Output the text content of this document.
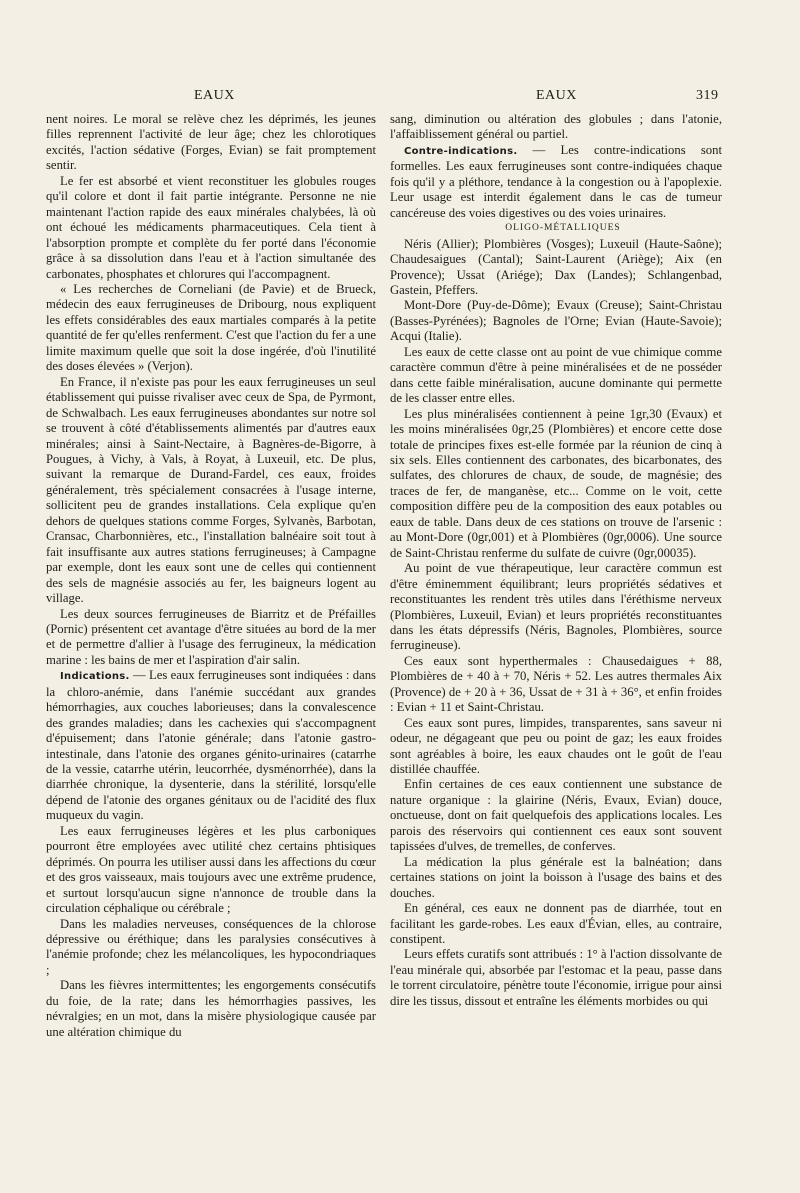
EAUX	EAUX	319

nent noires. Le moral se relève chez les déprimés, les jeunes filles reprennent l'activité de leur âge; chez les chlorotiques excités, l'action sédative (Forges, Evian) se fait promptement sentir.

Le fer est absorbé et vient reconstituer les globules rouges qu'il colore et dont il fait partie intégrante. Personne ne nie maintenant l'action rapide des eaux minérales chalybées, là où ont échoué les médicaments pharmaceutiques. Cela tient à l'absorption prompte et complète du fer porté dans l'économie grâce à sa dissolution dans l'eau et à l'action simultanée des carbonates, phosphates et chlorures qui l'accompagnent.

« Les recherches de Corneliani (de Pavie) et de Brueck, médecin des eaux ferrugineuses de Dribourg, nous expliquent les effets considérables des eaux martiales comparés à la petite quantité de fer qu'elles renferment. C'est que l'action du fer a une limite maximum quelle que soit la dose ingérée, d'où l'inutilité des doses élevées » (Verjon).

En France, il n'existe pas pour les eaux ferrugineuses un seul établissement qui puisse rivaliser avec ceux de Spa, de Pyrmont, de Schwalbach. Les eaux ferrugineuses abondantes sur notre sol se trouvent à côté d'établissements alimentés par d'autres eaux minérales; ainsi à Saint-Nectaire, à Bagnères-de-Bigorre, à Pougues, à Vichy, à Vals, à Royat, à Luxeuil, etc. De plus, suivant la remarque de Durand-Fardel, ces eaux, froides généralement, très spécialement consacrées à l'usage interne, sollicitent peu de grandes installations. Cela explique qu'en dehors de quelques stations comme Forges, Sylvanès, Barbotan, Cransac, Charbonnières, etc., l'installation balnéaire soit tout à fait insuffisante aux autres stations ferrugineuses; à Campagne par exemple, dont les eaux sont une de celles qui contiennent des sels de magnésie associés au fer, les baigneurs logent au village.

Les deux sources ferrugineuses de Biarritz et de Préfailles (Pornic) présentent cet avantage d'être situées au bord de la mer et de permettre d'allier à l'usage des ferrugineux, la médication marine : les bains de mer et l'aspiration d'air salin.

Indications. — Les eaux ferrugineuses sont indiquées : dans la chloro-anémie, dans l'anémie succédant aux grandes hémorrhagies, aux couches laborieuses; dans la convalescence des grandes maladies; dans les cachexies qui s'accompagnent d'épuisement; dans l'atonie générale; dans l'atonie gastro-intestinale, dans l'atonie des organes génito-urinaires (catarrhe de la vessie, catarrhe utérin, leucorrhée, dysménorrhée), dans la diarrhée chronique, la dysenterie, dans la stérilité, lorsqu'elle dépend de l'atonie des organes génitaux ou de l'acidité des flux muqueux du vagin.

Les eaux ferrugineuses légères et les plus carboniques pourront être employées avec utilité chez certains phtisiques déprimés. On pourra les utiliser aussi dans les affections du cœur et des gros vaisseaux, mais toujours avec une extrême prudence, et surtout lorsqu'aucun signe n'annonce de trouble dans la circulation céphalique ou cérébrale ;

Dans les maladies nerveuses, conséquences de la chlorose dépressive ou éréthique; dans les paralysies consécutives à l'anémie profonde; chez les mélancoliques, les hypocondriaques ;

Dans les fièvres intermittentes; les engorgements consécutifs du foie, de la rate; dans les hémorrhagies passives, les névralgies; en un mot, dans la misère physiologique causée par une altération chimique du

sang, diminution ou altération des globules ; dans l'atonie, l'affaiblissement général ou partiel.

Contre-indications. — Les contre-indications sont formelles. Les eaux ferrugineuses sont contre-indiquées chaque fois qu'il y a pléthore, tendance à la congestion ou à l'apoplexie. Leur usage est interdit également dans le cas de tumeur cancéreuse des voies digestives ou des voies urinaires.

OLIGO-MÉTALLIQUES

Néris (Allier); Plombières (Vosges); Luxeuil (Haute-Saône); Chaudesaigues (Cantal); Saint-Laurent (Ariège); Aix (en Provence); Ussat (Ariége); Dax (Landes); Schlangenbad, Gastein, Pfeffers.

Mont-Dore (Puy-de-Dôme); Evaux (Creuse); Saint-Christau (Basses-Pyrénées); Bagnoles de l'Orne; Evian (Haute-Savoie); Acqui (Italie).

Les eaux de cette classe ont au point de vue chimique comme caractère commun d'être à peine minéralisées et de ne posséder dans cette faible minéralisation, aucune dominante qui permette de les classer entre elles.

Les plus minéralisées contiennent à peine 1gr,30 (Evaux) et les moins minéralisées 0gr,25 (Plombières) et encore cette dose totale de principes fixes est-elle formée par la réunion de cinq à six sels. Elles contiennent des carbonates, des bicarbonates, des sulfates, des chlorures de chaux, de soude, de magnésie; des traces de fer, de manganèse, etc... Comme on le voit, cette composition diffère peu de la composition des eaux potables ou eaux de table. Dans deux de ces stations on trouve de l'arsenic : au Mont-Dore (0gr,001) et à Plombières (0gr,0006). Une source de Saint-Christau renferme du sulfate de cuivre (0gr,00035).

Au point de vue thérapeutique, leur caractère commun est d'être éminemment équilibrant; leurs propriétés sédatives et reconstituantes les rendent très utiles dans l'éréthisme nerveux (Plombières, Luxeuil, Evian) et leurs propriétés reconstituantes dans les états dépressifs (Néris, Bagnoles, Plombières, source ferrugineuse).

Ces eaux sont hyperthermales : Chausedaigues + 88, Plombières de + 40 à + 70, Néris + 52. Les autres thermales Aix (Provence) de + 20 à + 36, Ussat de + 31 à + 36°, et enfin froides : Evian + 11 et Saint-Christau.

Ces eaux sont pures, limpides, transparentes, sans saveur ni odeur, ne dégageant que peu ou point de gaz; les eaux froides sont agréables à boire, les eaux chaudes ont le goût de l'eau distillée chauffée.

Enfin certaines de ces eaux contiennent une substance de nature organique : la glairine (Néris, Evaux, Evian) douce, onctueuse, dont on fait quelquefois des applications locales. Les parois des réservoirs qui contiennent ces eaux sont souvent tapissées d'ulves, de tremelles, de conferves.

La médication la plus générale est la balnéation; dans certaines stations on joint la boisson à l'usage des bains et des douches.

En général, ces eaux ne donnent pas de diarrhée, tout en facilitant les garde-robes. Les eaux d'Évian, elles, au contraire, constipent.

Leurs effets curatifs sont attribués : 1° à l'action dissolvante de l'eau minérale qui, absorbée par l'estomac et la peau, passe dans le torrent circulatoire, pénètre toute l'économie, irrigue pour ainsi dire les tissus, dissout et entraîne les éléments morbides ou qui
